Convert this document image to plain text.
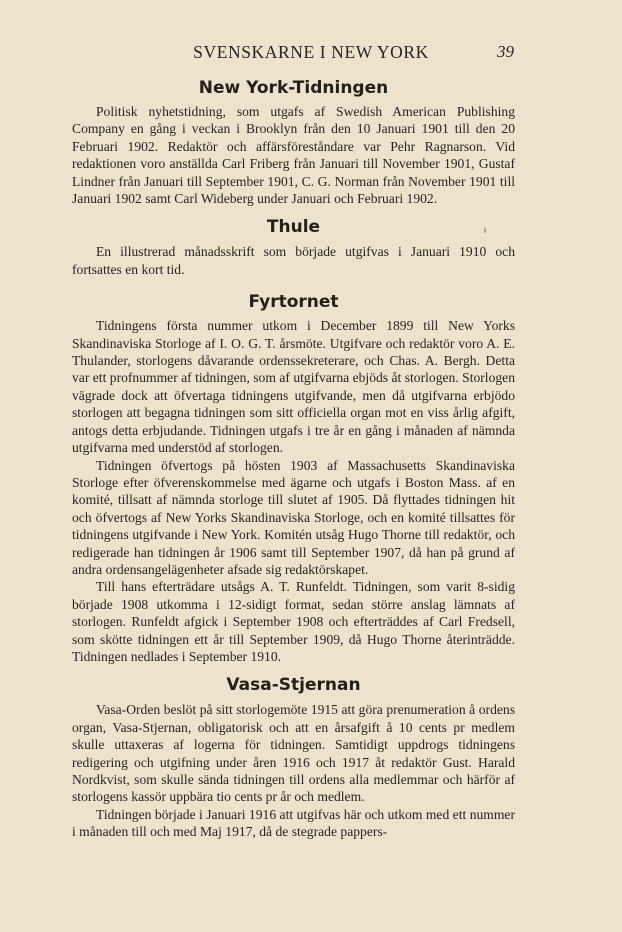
SVENSKARNE I NEW YORK	39
New York-Tidningen

Politisk nyhetstidning, som utgafs af Swedish American Publishing Company en gång i veckan i Brooklyn från den 10 Januari 1901 till den 20 Februari 1902. Redaktör och affärsföreståndare var Pehr Ragnarson. Vid redaktionen voro anställda Carl Friberg från Januari till November 1901, Gustaf Lindner från Januari till September 1901, C. G. Norman från November 1901 till Januari 1902 samt Carl Wideberg under Januari och Februari 1902.

Thule

En illustrerad månadsskrift som började utgifvas i Januari 1910 och fortsattes en kort tid.

Fyrtornet

Tidningens första nummer utkom i December 1899 till New Yorks Skandinaviska Storloge af I. O. G. T. årsmöte. Utgifvare och redaktör voro A. E. Thulander, storlogens dåvarande ordenssekreterare, och Chas. A. Bergh. Detta var ett profnummer af tidningen, som af utgifvarna ebjöds åt storlogen. Storlogen vägrade dock att öfvertaga tidningens utgifvande, men då utgifvarna erbjödo storlogen att begagna tidningen som sitt officiella organ mot en viss årlig afgift, antogs detta erbjudande. Tidningen utgafs i tre år en gång i månaden af nämnda utgifvarna med understöd af storlogen.

Tidningen öfvertogs på hösten 1903 af Massachusetts Skandinaviska Storloge efter öfverenskommelse med ägarne och utgafs i Boston Mass. af en komité, tillsatt af nämnda storloge till slutet af 1905. Då flyttades tidningen hit och öfvertogs af New Yorks Skandinaviska Storloge, och en komité tillsattes för tidningens utgifvande i New York. Komitén utsåg Hugo Thorne till redaktör, och redigerade han tidningen år 1906 samt till September 1907, då han på grund af andra ordensangelägenheter afsade sig redaktörskapet.

Till hans efterträdare utsågs A. T. Runfeldt. Tidningen, som varit 8-sidig började 1908 utkomma i 12-sidigt format, sedan större anslag lämnats af storlogen. Runfeldt afgick i September 1908 och efterträddes af Carl Fredsell, som skötte tidningen ett år till September 1909, då Hugo Thorne återinträdde. Tidningen nedlades i September 1910.

Vasa-Stjernan

Vasa-Orden beslöt på sitt storlogemöte 1915 att göra prenumeration å ordens organ, Vasa-Stjernan, obligatorisk och att en årsafgift å 10 cents pr medlem skulle uttaxeras af logerna för tidningen. Samtidigt uppdrogs tidningens redigering och utgifning under åren 1916 och 1917 åt redaktör Gust. Harald Nordkvist, som skulle sända tidningen till ordens alla medlemmar och härför af storlogens kassör uppbära tio cents pr år och medlem.

Tidningen började i Januari 1916 att utgifvas här och utkom med ett nummer i månaden till och med Maj 1917, då de stegrade pappers-
